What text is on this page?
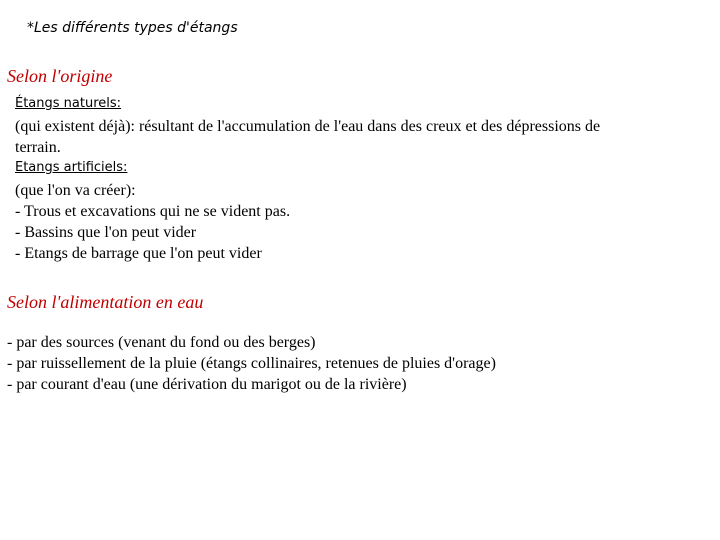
*Les différents types d'étangs
Selon l'origine
Étangs naturels:
(qui existent déjà): résultant de l'accumulation de l'eau dans des creux et des dépressions de
terrain.
Etangs artificiels:
(que l'on va créer):
- Trous et excavations qui ne se vident pas.
- Bassins que l'on peut vider
- Etangs de barrage que l'on peut vider
Selon l'alimentation en eau
- par des sources (venant du fond ou des berges)
- par ruissellement de la pluie (étangs collinaires, retenues de pluies d'orage)
- par courant d'eau (une dérivation du marigot ou de la rivière)
